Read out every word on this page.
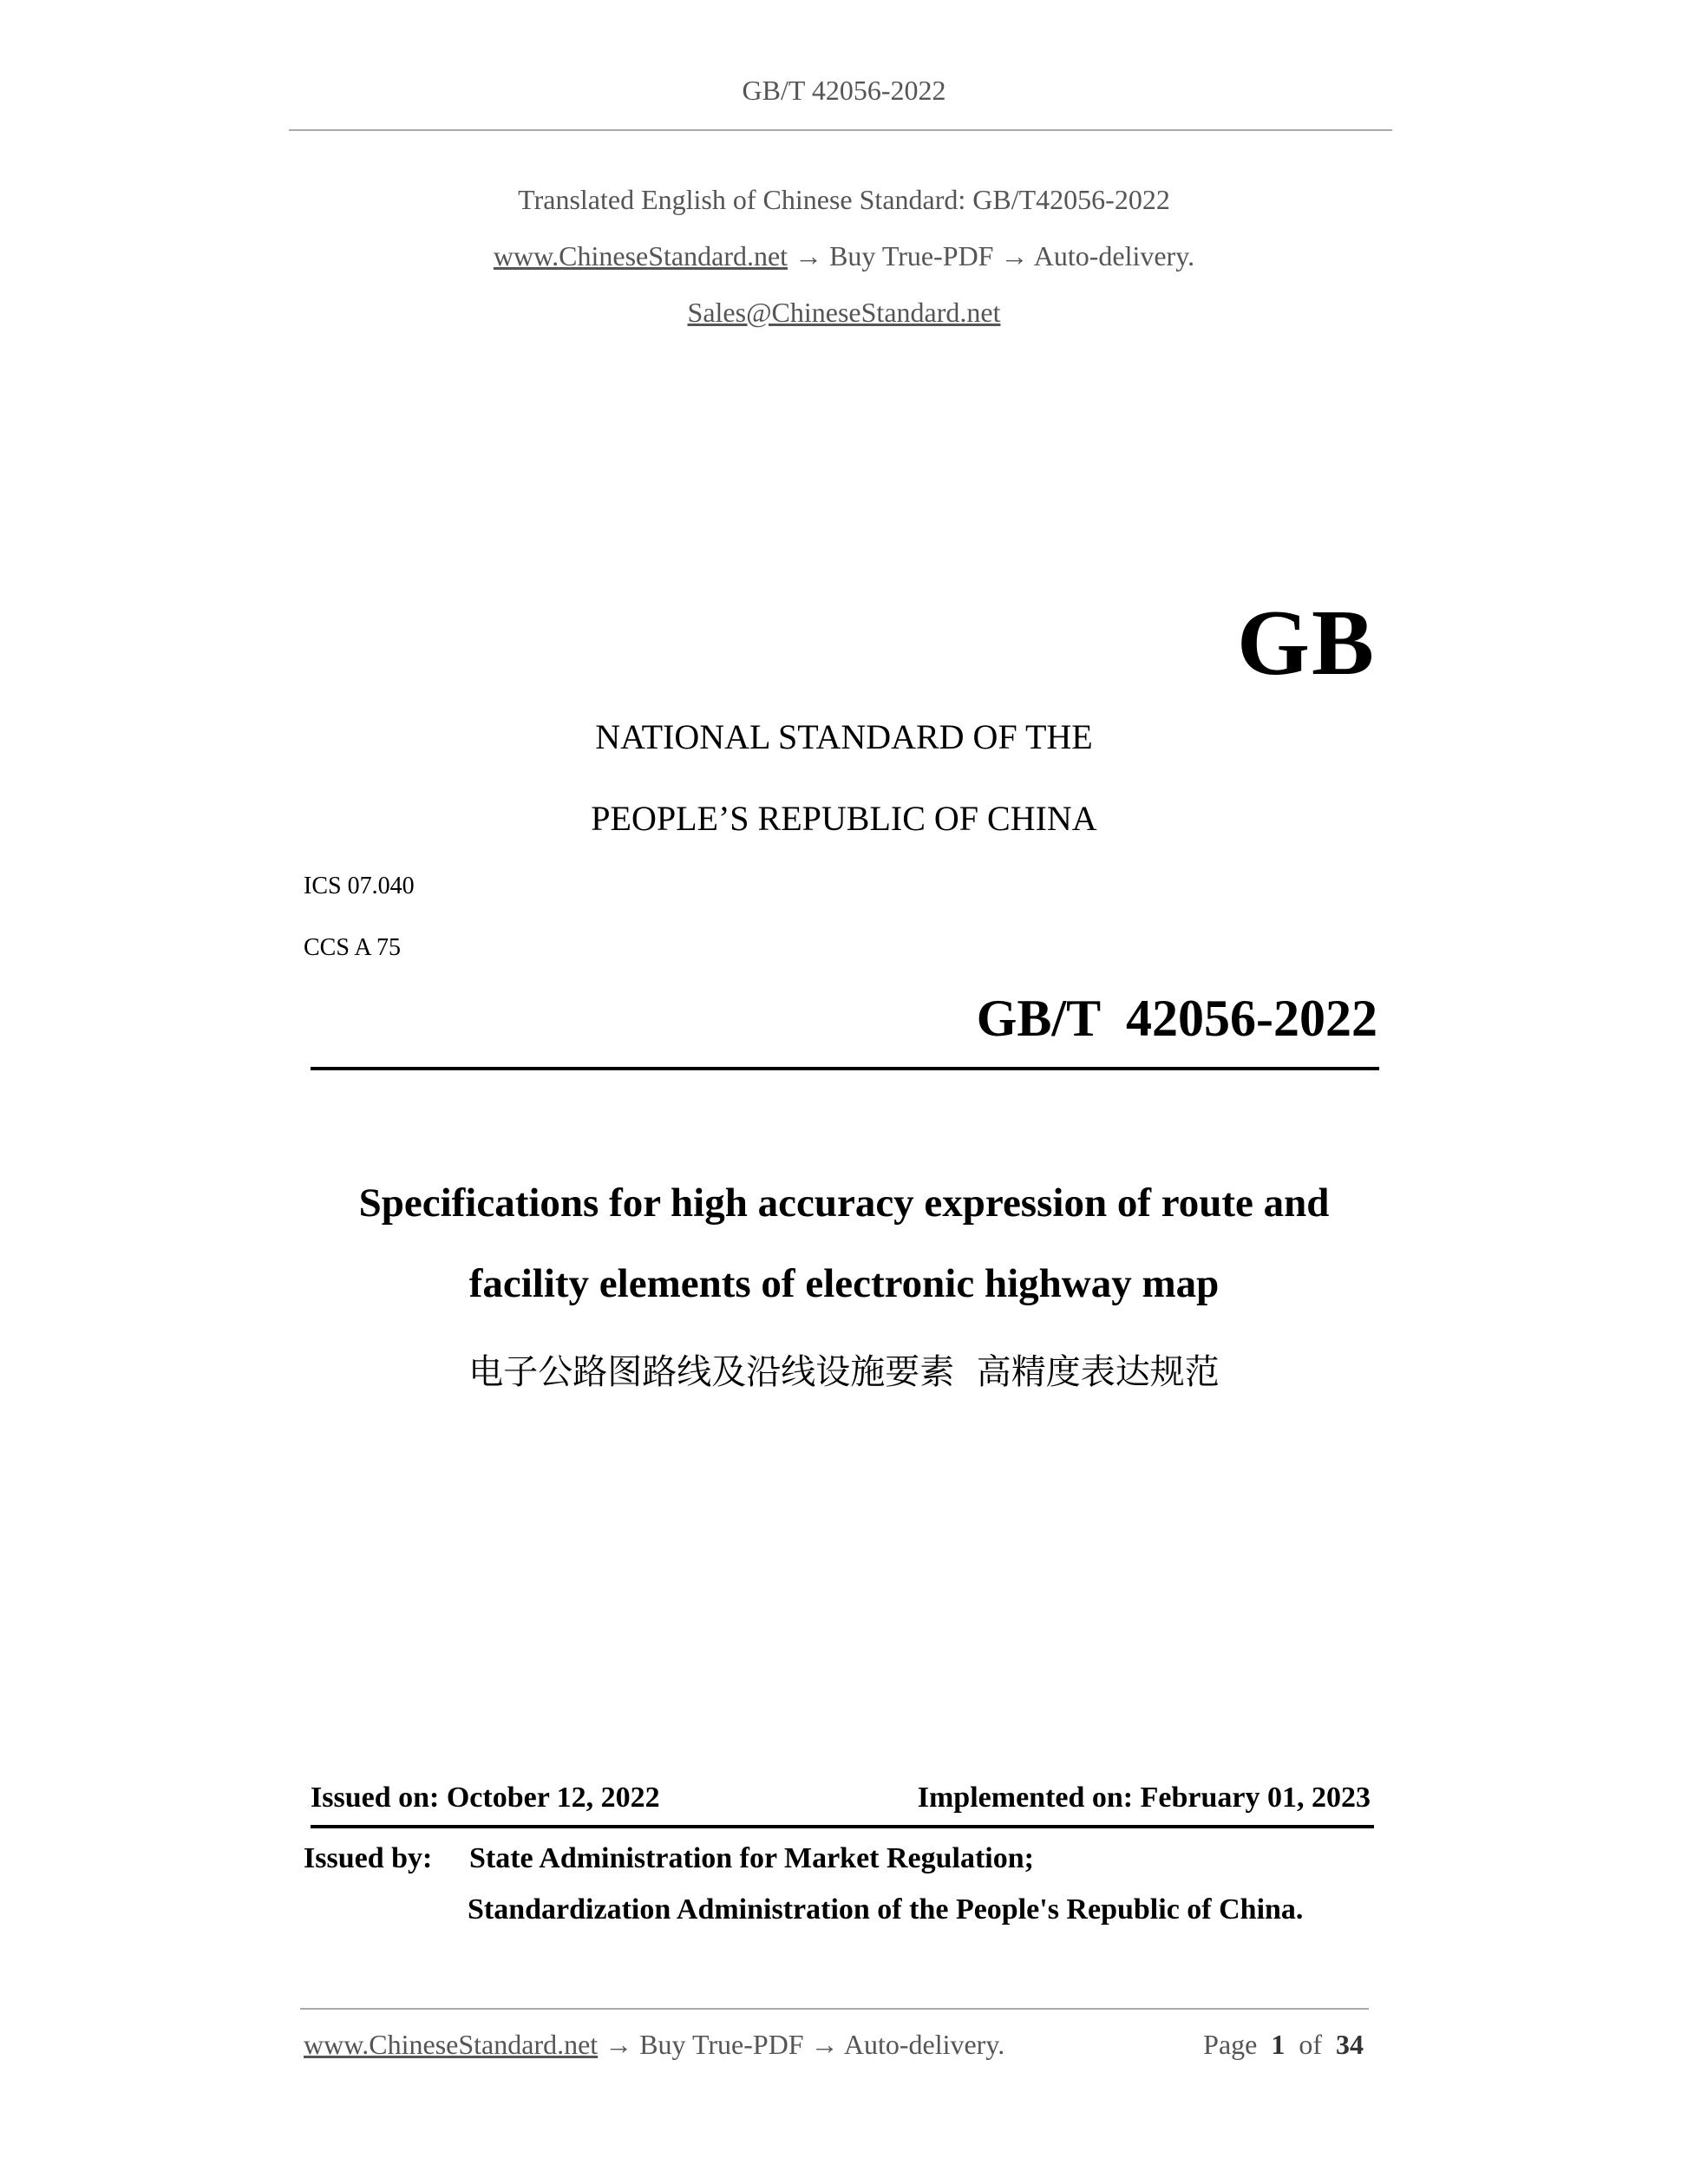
GB/T 42056-2022
Translated English of Chinese Standard: GB/T42056-2022
www.ChineseStandard.net → Buy True-PDF → Auto-delivery.
Sales@ChineseStandard.net
GB
NATIONAL STANDARD OF THE
PEOPLE’S REPUBLIC OF CHINA
ICS 07.040
CCS A 75
GB/T  42056-2022
Specifications for high accuracy expression of route and
facility elements of electronic highway map
电子公路图路线及沿线设施要素  高精度表达规范
Issued on: October 12, 2022	Implemented on: February 01, 2023
Issued by: State Administration for Market Regulation;
Standardization Administration of the People's Republic of China.
www.ChineseStandard.net → Buy True-PDF → Auto-delivery.	Page 1 of 34
